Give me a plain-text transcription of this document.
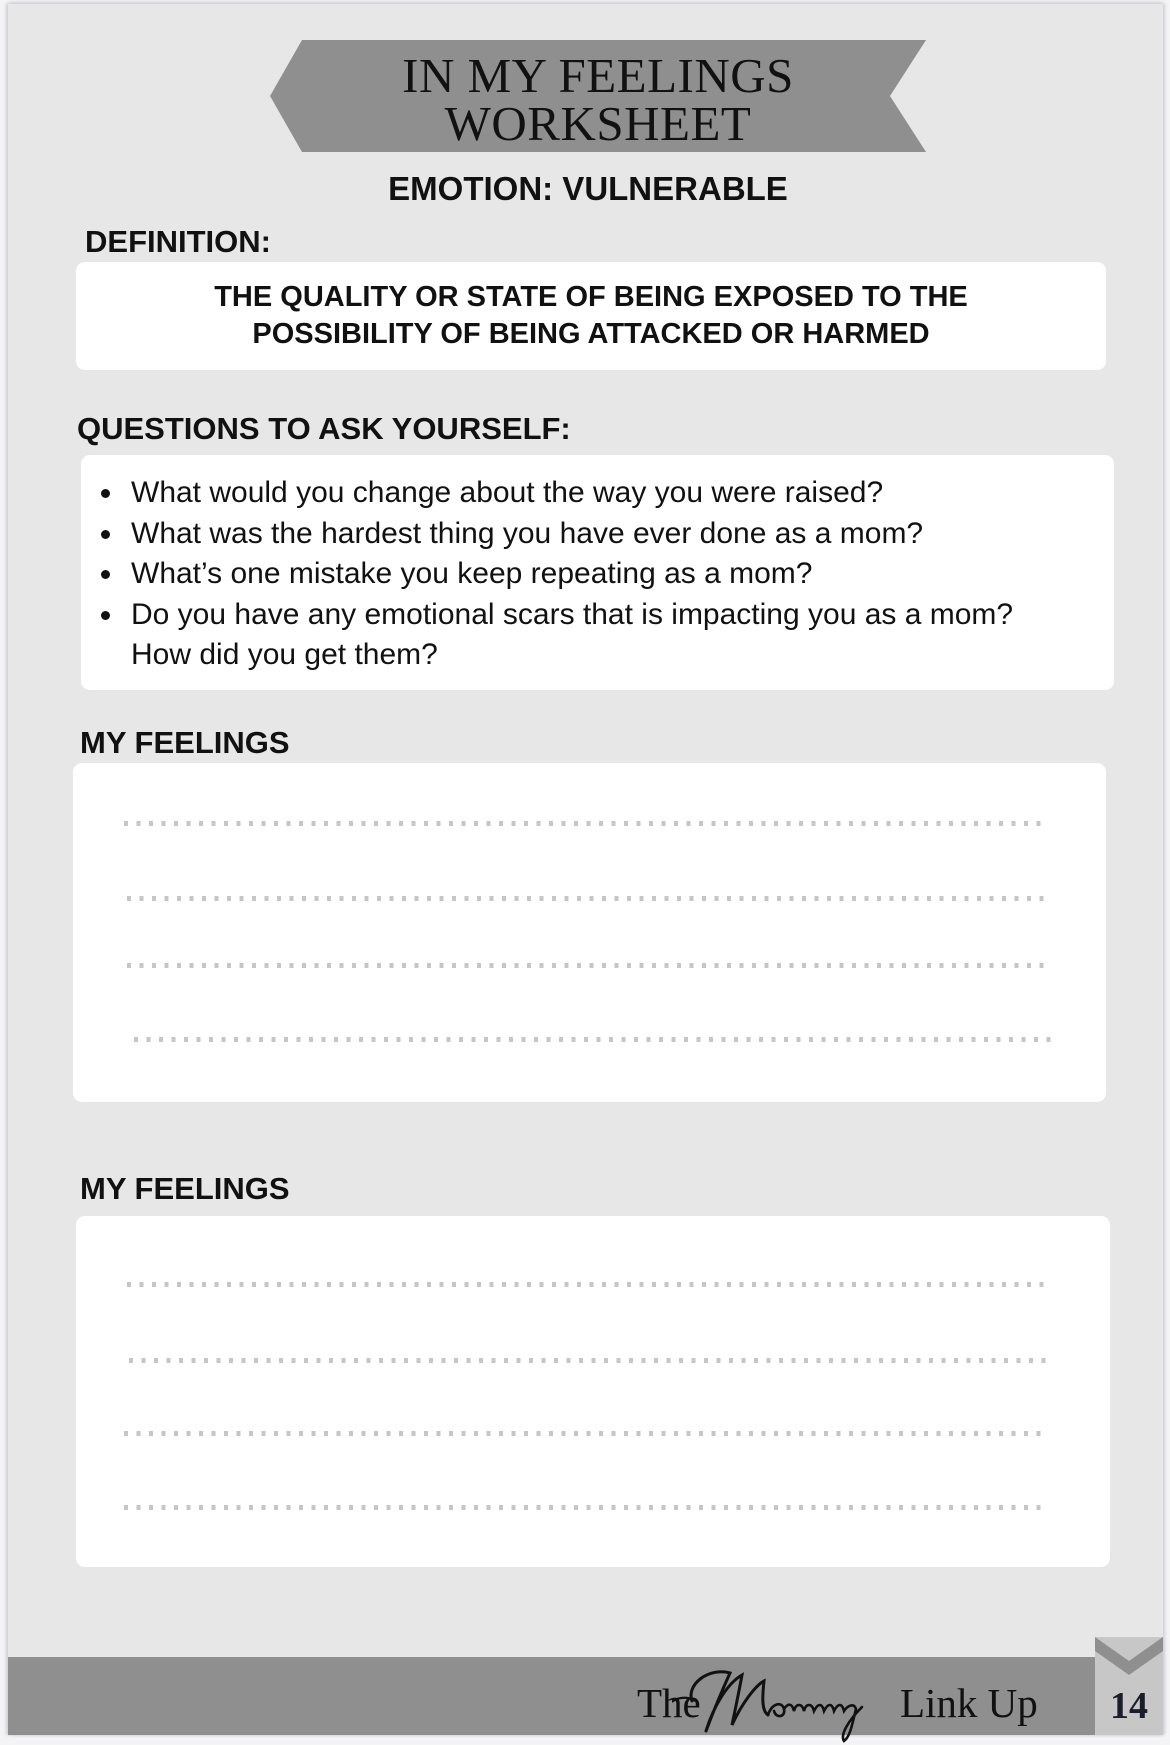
IN MY FEELINGS
WORKSHEET
EMOTION: VULNERABLE
DEFINITION:
THE QUALITY OR STATE OF BEING EXPOSED TO THE
POSSIBILITY OF BEING ATTACKED OR HARMED
QUESTIONS TO ASK YOURSELF:
What would you change about the way you were raised?
What was the hardest thing you have ever done as a mom?
What’s one mistake you keep repeating as a mom?
Do you have any emotional scars that is impacting you as a mom?
How did you get them?
MY FEELINGS
MY FEELINGS
The	Link Up	14
